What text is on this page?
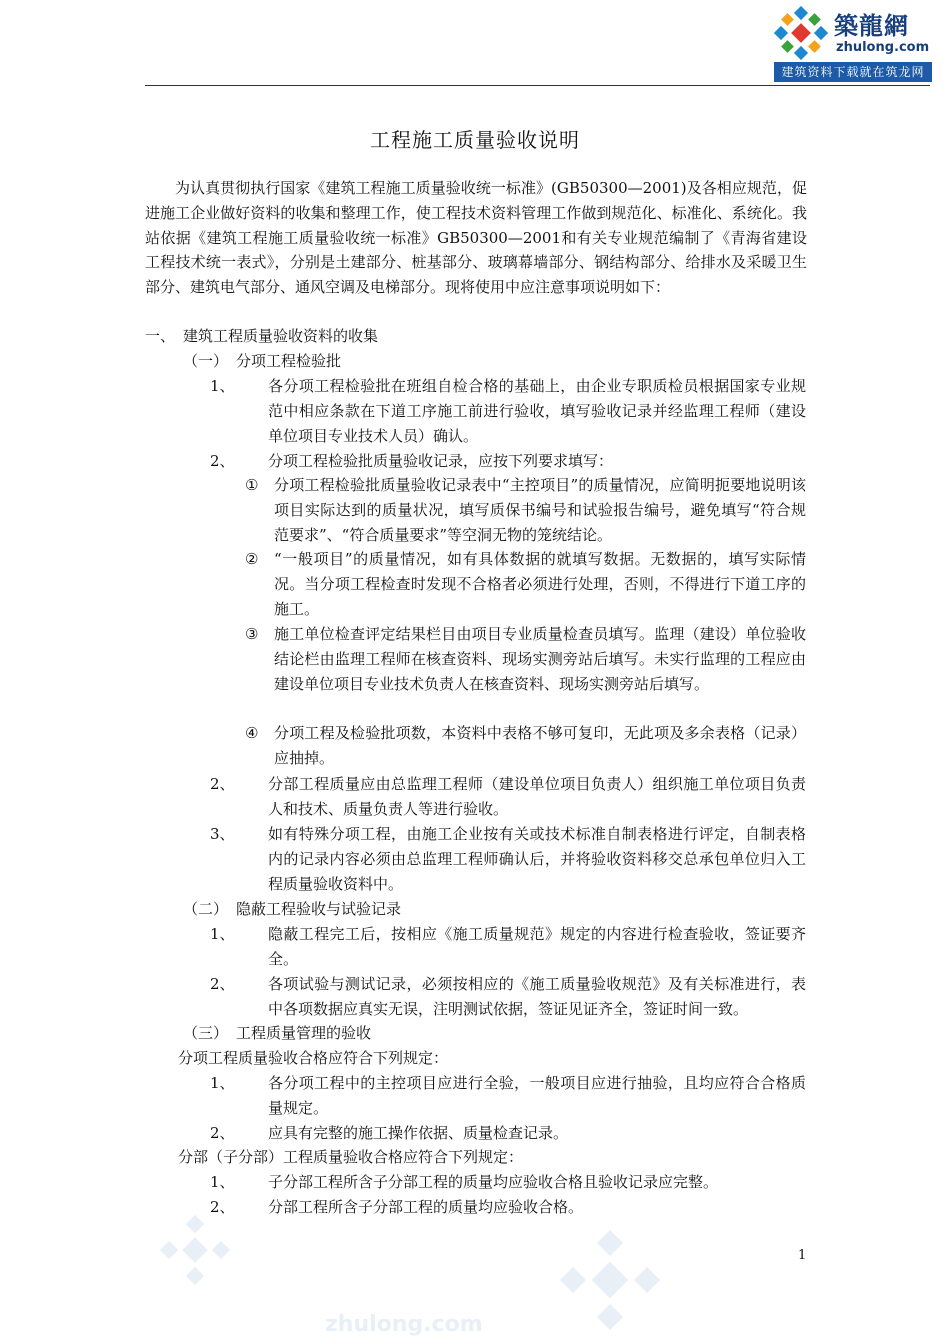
築龍網
zhulong.com
建筑资料下载就在筑龙网
工程施工质量验收说明
为认真贯彻执行国家《建筑工程施工质量验收统一标准》(GB50300—2001)及各相应规范，促进施工企业做好资料的收集和整理工作，使工程技术资料管理工作做到规范化、标准化、系统化。我站依据《建筑工程施工质量验收统一标准》GB50300—2001和有关专业规范编制了《青海省建设工程技术统一表式》，分别是土建部分、桩基部分、玻璃幕墙部分、钢结构部分、给排水及采暖卫生部分、建筑电气部分、通风空调及电梯部分。现将使用中应注意事项说明如下：
一、 建筑工程质量验收资料的收集
（一） 分项工程检验批
1、 各分项工程检验批在班组自检合格的基础上，由企业专职质检员根据国家专业规范中相应条款在下道工序施工前进行验收，填写验收记录并经监理工程师（建设单位项目专业技术人员）确认。
2、 分项工程检验批质量验收记录，应按下列要求填写：
① 分项工程检验批质量验收记录表中“主控项目”的质量情况，应简明扼要地说明该项目实际达到的质量状况，填写质保书编号和试验报告编号，避免填写“符合规范要求”、“符合质量要求”等空洞无物的笼统结论。
② “一般项目”的质量情况，如有具体数据的就填写数据。无数据的，填写实际情况。当分项工程检查时发现不合格者必须进行处理，否则，不得进行下道工序的施工。
③ 施工单位检查评定结果栏目由项目专业质量检查员填写。监理（建设）单位验收结论栏由监理工程师在核查资料、现场实测旁站后填写。未实行监理的工程应由建设单位项目专业技术负责人在核查资料、现场实测旁站后填写。
④ 分项工程及检验批项数，本资料中表格不够可复印，无此项及多余表格（记录）应抽掉。
2、 分部工程质量应由总监理工程师（建设单位项目负责人）组织施工单位项目负责人和技术、质量负责人等进行验收。
3、 如有特殊分项工程，由施工企业按有关或技术标准自制表格进行评定，自制表格内的记录内容必须由总监理工程师确认后，并将验收资料移交总承包单位归入工程质量验收资料中。
（二） 隐蔽工程验收与试验记录
1、 隐蔽工程完工后，按相应《施工质量规范》规定的内容进行检查验收，签证要齐全。
2、 各项试验与测试记录，必须按相应的《施工质量验收规范》及有关标准进行，表中各项数据应真实无误，注明测试依据，签证见证齐全，签证时间一致。
（三） 工程质量管理的验收
分项工程质量验收合格应符合下列规定：
1、 各分项工程中的主控项目应进行全验，一般项目应进行抽验，且均应符合合格质量规定。
2、 应具有完整的施工操作依据、质量检查记录。
分部（子分部）工程质量验收合格应符合下列规定：
1、 子分部工程所含子分部工程的质量均应验收合格且验收记录应完整。
2、 分部工程所含子分部工程的质量均应验收合格。
1
zhulong.com
